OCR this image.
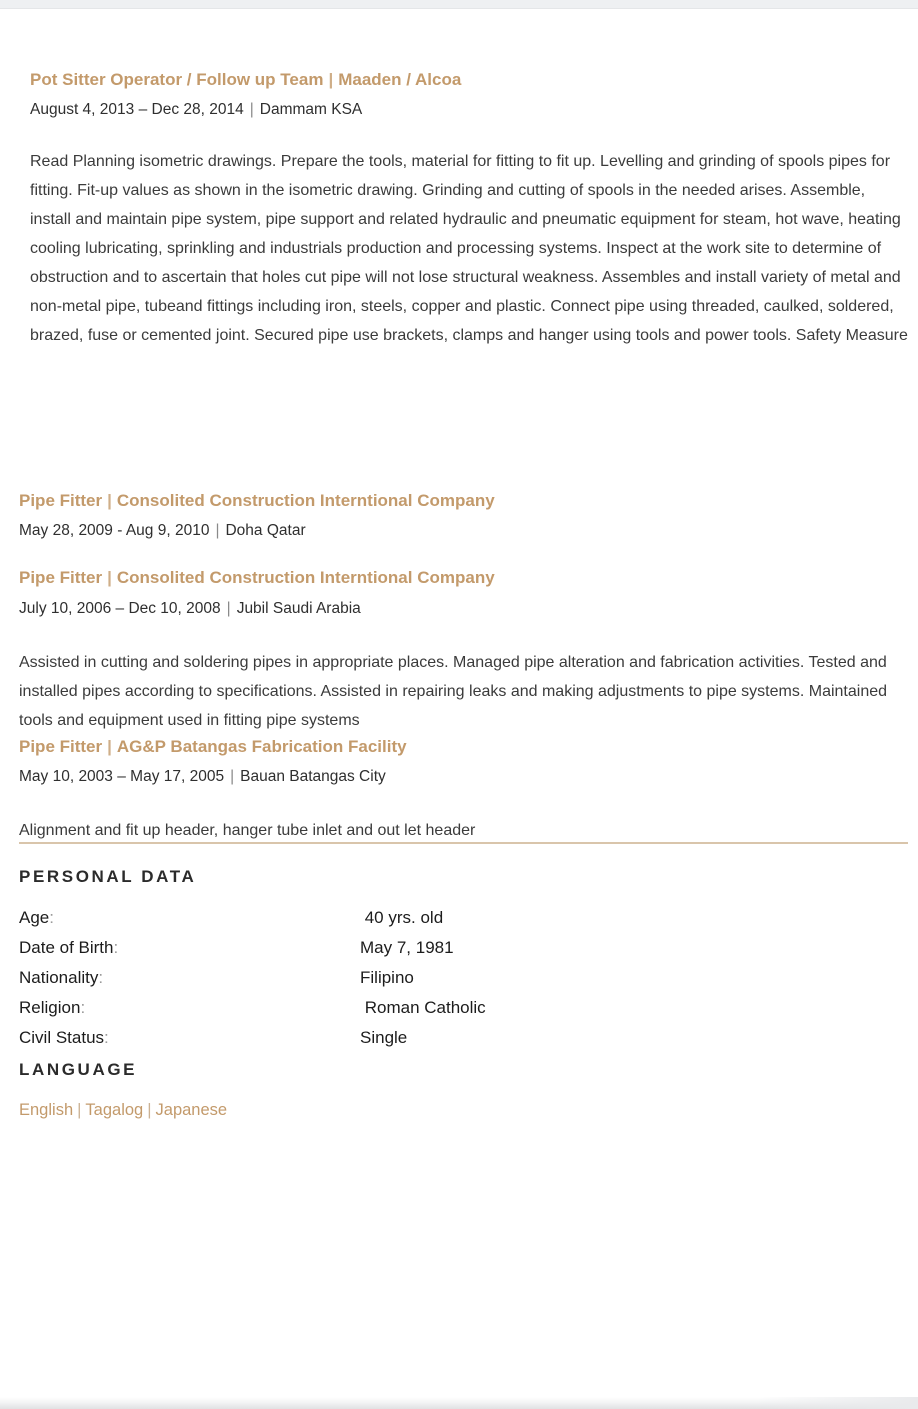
Pot Sitter Operator / Follow up Team | Maaden / Alcoa
August 4, 2013 – Dec 28, 2014 | Dammam KSA
Read Planning isometric drawings. Prepare the tools, material for fitting to fit up. Levelling and grinding of spools pipes for fitting. Fit-up values as shown in the isometric drawing. Grinding and cutting of spools in the needed arises. Assemble, install and maintain pipe system, pipe support and related hydraulic and pneumatic equipment for steam, hot wave, heating cooling lubricating, sprinkling and industrials production and processing systems. Inspect at the work site to determine of obstruction and to ascertain that holes cut pipe will not lose structural weakness. Assembles and install variety of metal and non-metal pipe, tubeand fittings including iron, steels, copper and plastic. Connect pipe using threaded, caulked, soldered, brazed, fuse or cemented joint. Secured pipe use brackets, clamps and hanger using tools and power tools. Safety Measure
Pipe Fitter | Consolited Construction Interntional Company
May 28, 2009 - Aug 9, 2010 | Doha Qatar
Pipe Fitter | Consolited Construction Interntional Company
July 10, 2006 – Dec 10, 2008 | Jubil Saudi Arabia
Assisted in cutting and soldering pipes in appropriate places. Managed pipe alteration and fabrication activities. Tested and installed pipes according to specifications. Assisted in repairing leaks and making adjustments to pipe systems. Maintained tools and equipment used in fitting pipe systems
Pipe Fitter | AG&P Batangas Fabrication Facility
May 10, 2003 – May 17, 2005 | Bauan Batangas City
Alignment and fit up header, hanger tube inlet and out let header
PERSONAL DATA
Age:	40 yrs. old
Date of Birth:	May 7, 1981
Nationality:	Filipino
Religion:	Roman Catholic
Civil Status:	Single
LANGUAGE
English | Tagalog | Japanese
